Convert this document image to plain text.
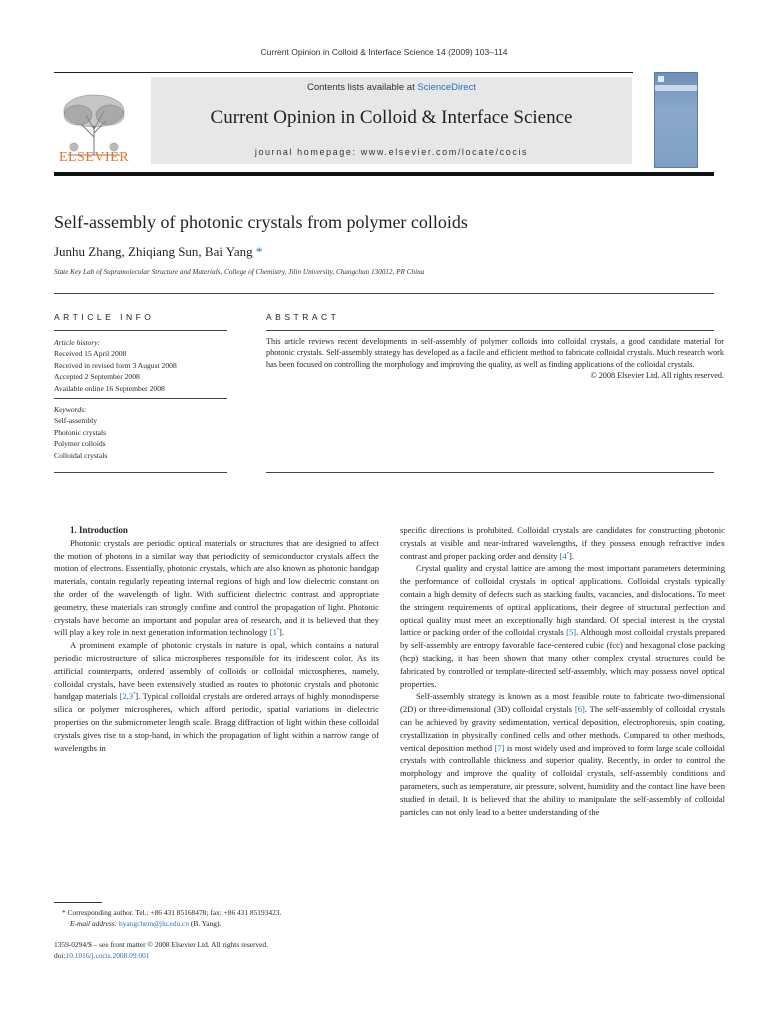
Current Opinion in Colloid & Interface Science 14 (2009) 103–114
ELSEVIER
Contents lists available at ScienceDirect
Current Opinion in Colloid & Interface Science
journal homepage: www.elsevier.com/locate/cocis
Self-assembly of photonic crystals from polymer colloids
Junhu Zhang, Zhiqiang Sun, Bai Yang *
State Key Lab of Supramolecular Structure and Materials, College of Chemistry, Jilin University, Changchun 130012, PR China
ARTICLE INFO
Article history:
Received 15 April 2008
Received in revised form 3 August 2008
Accepted 2 September 2008
Available online 16 September 2008
Keywords:
Self-assembly
Photonic crystals
Polymer colloids
Colloidal crystals
ABSTRACT
This article reviews recent developments in self-assembly of polymer colloids into colloidal crystals, a good candidate material for photonic crystals. Self-assembly strategy has developed as a facile and efficient method to fabricate colloidal crystals. Much research work has been focused on controlling the morphology and improving the quality, as well as finding applications of the colloidal crystals.
© 2008 Elsevier Ltd. All rights reserved.

1. Introduction

Photonic crystals are periodic optical materials or structures that are designed to affect the motion of photons in a similar way that periodicity of semiconductor crystals affect the motion of electrons. Essentially, photonic crystals, which are also known as photonic bandgap materials, contain regularly repeating internal regions of high and low dielectric constant on the order of the wavelength of light. With sufficient dielectric contrast and appropriate geometry, these materials can strongly confine and control the propagation of light. Photonic crystals have become an important and popular area of research, and it is believed that they will play a key role in next generation information technology [1•].

A prominent example of photonic crystals in nature is opal, which contains a natural periodic microstructure of silica microspheres responsible for its iridescent color. As its artificial counterparts, ordered assembly of colloids or colloidal microspheres, namely, colloidal crystals, have been extensively studied as routes to photonic crystals and photonic bandgap materials [2,3•]. Typical colloidal crystals are ordered arrays of highly monodisperse silica or polymer microspheres, which afford periodic, spatial variations in dielectric properties on the submicrometer length scale. Bragg diffraction of light within these colloidal crystals gives rise to a stop-band, in which the propagation of light within a narrow range of wavelengths in

specific directions is prohibited. Colloidal crystals are candidates for constructing photonic crystals at visible and near-infrared wavelengths, if they possess enough refractive index contrast and proper packing order and density [4•].

Crystal quality and crystal lattice are among the most important parameters determining the performance of colloidal crystals in optical applications. Colloidal crystals typically contain a high density of defects such as stacking faults, vacancies, and dislocations. To meet the stringent requirements of optical applications, their degree of structural perfection and optical quality must meet an exceptionally high standard. Of special interest is the crystal lattice or packing order of the colloidal crystals [5]. Although most colloidal crystals prepared by self-assembly are entropy favorable face-centered cubic (fcc) and hexagonal close packing (hcp) stacking, it has been shown that many other complex crystal structures could be fabricated by controlled or template-directed self-assembly, which may possess novel optical properties.

Self-assembly strategy is known as a most feasible route to fabricate two-dimensional (2D) or three-dimensional (3D) colloidal crystals [6]. The self-assembly of colloidal crystals can be achieved by gravity sedimentation, vertical deposition, electrophoresis, spin coating, crystallization in physically confined cells and other methods. Compared to other methods, vertical deposition method [7] is most widely used and improved to form large scale colloidal crystals with controllable thickness and superior quality. Recently, in order to control the morphology and improve the quality of colloidal crystals, self-assembly conditions and parameters, such as temperature, air pressure, solvent, humidity and the contact line have been studied in detail. It is believed that the ability to manipulate the self-assembly of colloidal particles can not only lead to a better understanding of the

* Corresponding author. Tel.: +86 431 85168478; fax: +86 431 85193423.
E-mail address: byangchem@jlu.edu.cn (B. Yang).
1359-0294/$ – see front matter © 2008 Elsevier Ltd. All rights reserved.
doi:10.1016/j.cocis.2008.09.001
